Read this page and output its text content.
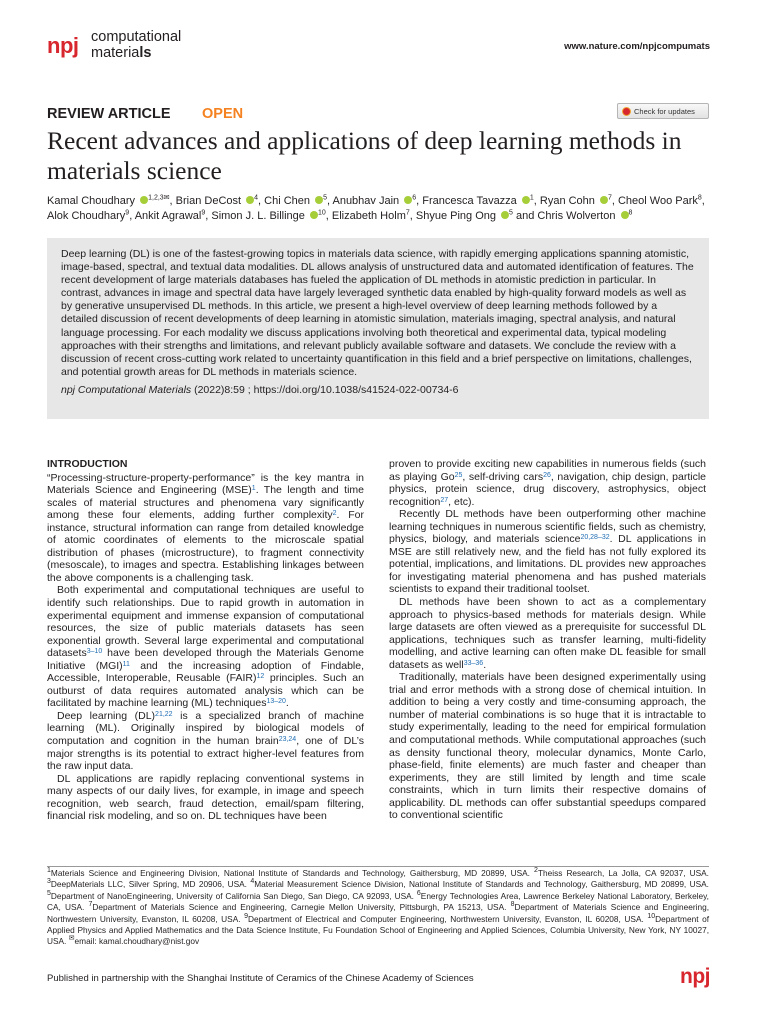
npj computational
materials	www.nature.com/npjcompumats
REVIEW ARTICLE OPEN	Check for updates
Recent advances and applications of deep learning methods in materials science
Kamal Choudhary $^{1,2,3✉}$, Brian DeCost $^4$, Chi Chen $^5$, Anubhav Jain $^6$, Francesca Tavazza $^1$, Ryan Cohn $^7$, Cheol Woo Park$^8$, Alok Choudhary$^9$, Ankit Agrawal$^9$, Simon J. L. Billinge $^{10}$, Elizabeth Holm$^7$, Shyue Ping Ong $^5$ and Chris Wolverton $^8$
Deep learning (DL) is one of the fastest-growing topics in materials data science, with rapidly emerging applications spanning atomistic, image-based, spectral, and textual data modalities. DL allows analysis of unstructured data and automated identification of features. The recent development of large materials databases has fueled the application of DL methods in atomistic prediction in particular. In contrast, advances in image and spectral data have largely leveraged synthetic data enabled by high-quality forward models as well as by generative unsupervised DL methods. In this article, we present a high-level overview of deep learning methods followed by a detailed discussion of recent developments of deep learning in atomistic simulation, materials imaging, spectral analysis, and natural language processing. For each modality we discuss applications involving both theoretical and experimental data, typical modeling approaches with their strengths and limitations, and relevant publicly available software and datasets. We conclude the review with a discussion of recent cross-cutting work related to uncertainty quantification in this field and a brief perspective on limitations, challenges, and potential growth areas for DL methods in materials science.
npj Computational Materials (2022)8:59 ; https://doi.org/10.1038/s41524-022-00734-6
INTRODUCTION

“Processing-structure-property-performance” is the key mantra in Materials Science and Engineering (MSE)$^1$. The length and time scales of material structures and phenomena vary significantly among these four elements, adding further complexity$^2$. For instance, structural information can range from detailed knowledge of atomic coordinates of elements to the microscale spatial distribution of phases (microstructure), to fragment connectivity (mesoscale), to images and spectra. Establishing linkages between the above components is a challenging task.

Both experimental and computational techniques are useful to identify such relationships. Due to rapid growth in automation in experimental equipment and immense expansion of computational resources, the size of public materials datasets has seen exponential growth. Several large experimental and computational datasets$^{3-10}$ have been developed through the Materials Genome Initiative (MGI)$^{11}$ and the increasing adoption of Findable, Accessible, Interoperable, Reusable (FAIR)$^{12}$ principles. Such an outburst of data requires automated analysis which can be facilitated by machine learning (ML) techniques$^{13-20}$.

Deep learning (DL)$^{21,22}$ is a specialized branch of machine learning (ML). Originally inspired by biological models of computation and cognition in the human brain$^{23,24}$, one of DL’s major strengths is its potential to extract higher-level features from the raw input data.

DL applications are rapidly replacing conventional systems in many aspects of our daily lives, for example, in image and speech recognition, web search, fraud detection, email/spam filtering, financial risk modeling, and so on. DL techniques have been

proven to provide exciting new capabilities in numerous fields (such as playing Go$^{25}$, self-driving cars$^{26}$, navigation, chip design, particle physics, protein science, drug discovery, astrophysics, object recognition$^{27}$, etc).

Recently DL methods have been outperforming other machine learning techniques in numerous scientific fields, such as chemistry, physics, biology, and materials science$^{20,28-32}$. DL applications in MSE are still relatively new, and the field has not fully explored its potential, implications, and limitations. DL provides new approaches for investigating material phenomena and has pushed materials scientists to expand their traditional toolset.

DL methods have been shown to act as a complementary approach to physics-based methods for materials design. While large datasets are often viewed as a prerequisite for successful DL applications, techniques such as transfer learning, multi-fidelity modelling, and active learning can often make DL feasible for small datasets as well$^{33-36}$.

Traditionally, materials have been designed experimentally using trial and error methods with a strong dose of chemical intuition. In addition to being a very costly and time-consuming approach, the number of material combinations is so huge that it is intractable to study experimentally, leading to the need for empirical formulation and computational methods. While computational approaches (such as density functional theory, molecular dynamics, Monte Carlo, phase-field, finite elements) are much faster and cheaper than experiments, they are still limited by length and time scale constraints, which in turn limits their respective domains of applicability. DL methods can offer substantial speedups compared to conventional scientific

$^1$Materials Science and Engineering Division, National Institute of Standards and Technology, Gaithersburg, MD 20899, USA. $^2$Theiss Research, La Jolla, CA 92037, USA. $^3$DeepMaterials LLC, Silver Spring, MD 20906, USA. $^4$Material Measurement Science Division, National Institute of Standards and Technology, Gaithersburg, MD 20899, USA. $^5$Department of NanoEngineering, University of California San Diego, San Diego, CA 92093, USA. $^6$Energy Technologies Area, Lawrence Berkeley National Laboratory, Berkeley, CA, USA. $^7$Department of Materials Science and Engineering, Carnegie Mellon University, Pittsburgh, PA 15213, USA. $^8$Department of Materials Science and Engineering, Northwestern University, Evanston, IL 60208, USA. $^9$Department of Electrical and Computer Engineering, Northwestern University, Evanston, IL 60208, USA. $^{10}$Department of Applied Physics and Applied Mathematics and the Data Science Institute, Fu Foundation School of Engineering and Applied Sciences, Columbia University, New York, NY 10027, USA. ✉email: kamal.choudhary@nist.gov
Published in partnership with the Shanghai Institute of Ceramics of the Chinese Academy of Sciences	npj
